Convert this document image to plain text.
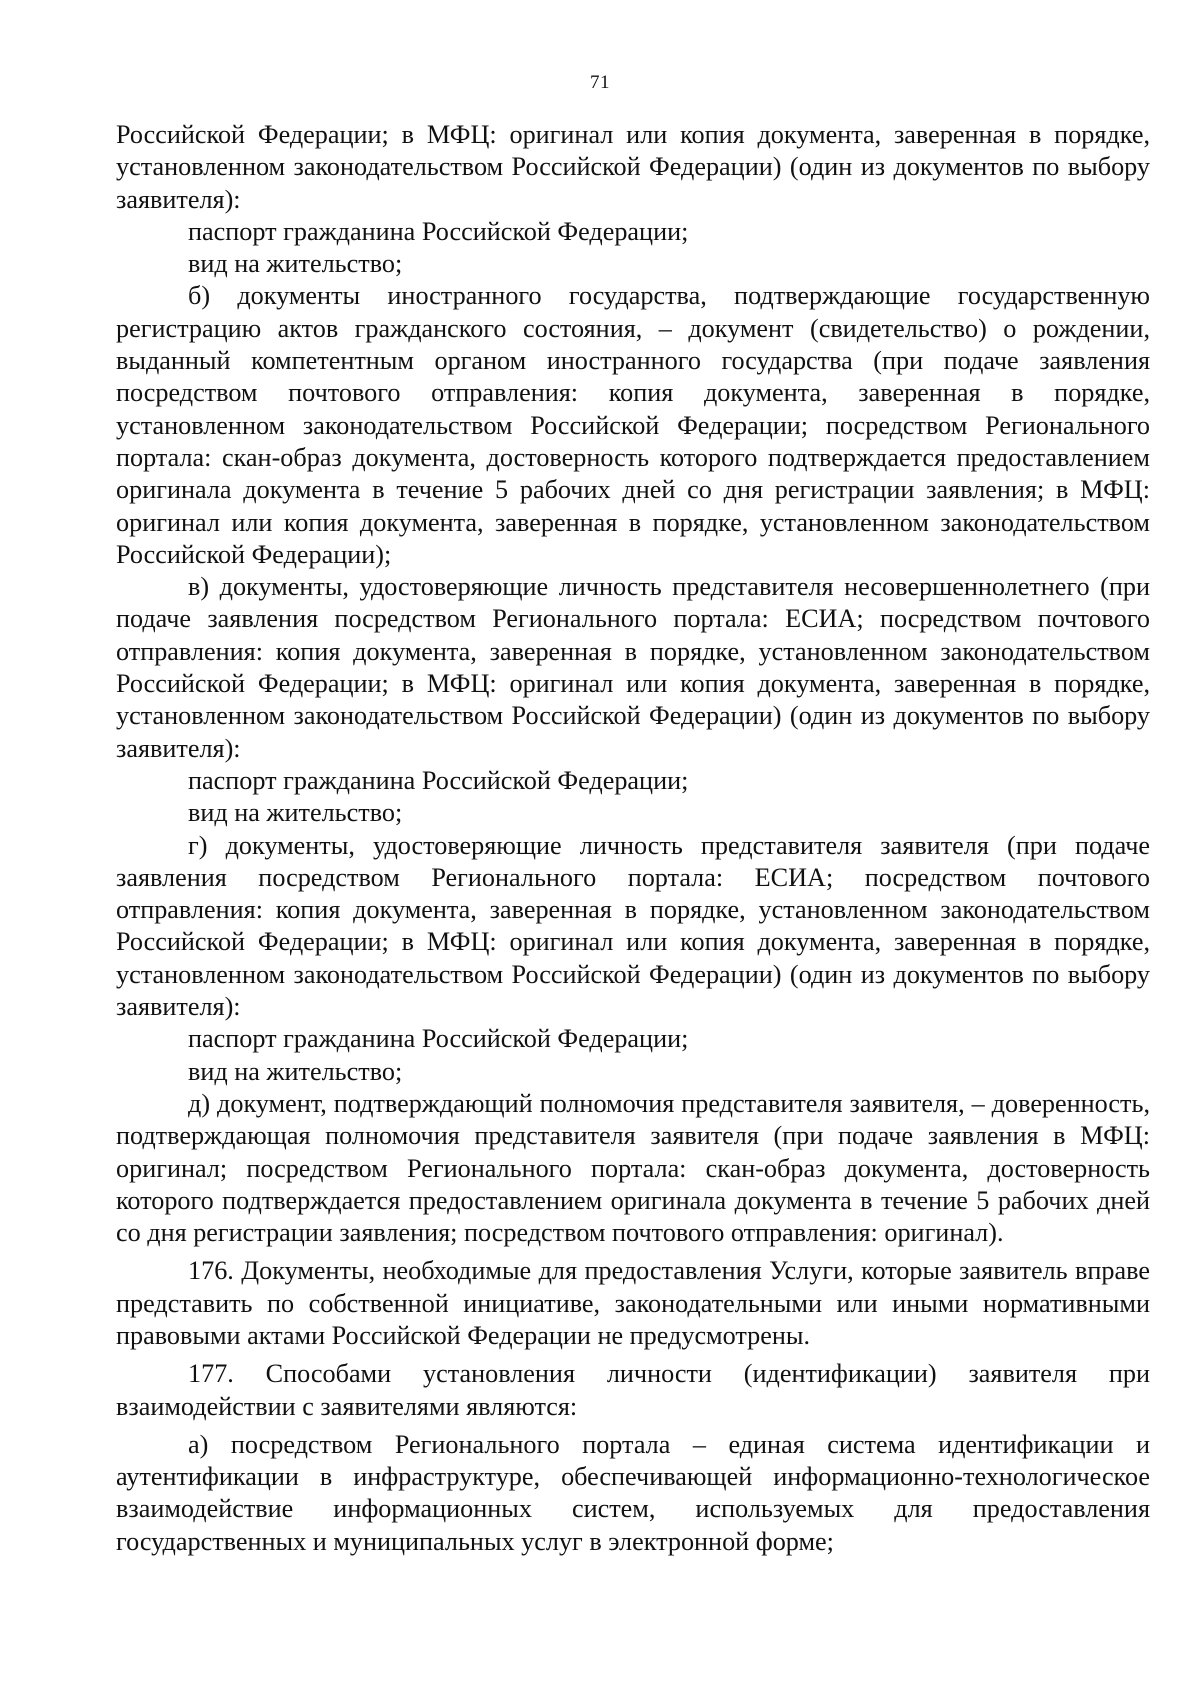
71

Российской Федерации; в МФЦ: оригинал или копия документа, заверенная в порядке, установленном законодательством Российской Федерации) (один из документов по выбору заявителя):

паспорт гражданина Российской Федерации;

вид на жительство;

б) документы иностранного государства, подтверждающие государственную регистрацию актов гражданского состояния, – документ (свидетельство) о рождении, выданный компетентным органом иностранного государства (при подаче заявления посредством почтового отправления: копия документа, заверенная в порядке, установленном законодательством Российской Федерации; посредством Регионального портала: скан-образ документа, достоверность которого подтверждается предоставлением оригинала документа в течение 5 рабочих дней со дня регистрации заявления; в МФЦ: оригинал или копия документа, заверенная в порядке, установленном законодательством Российской Федерации);

в) документы, удостоверяющие личность представителя несовершеннолетнего (при подаче заявления посредством Регионального портала: ЕСИА; посредством почтового отправления: копия документа, заверенная в порядке, установленном законодательством Российской Федерации; в МФЦ: оригинал или копия документа, заверенная в порядке, установленном законодательством Российской Федерации) (один из документов по выбору заявителя):

паспорт гражданина Российской Федерации;

вид на жительство;

г) документы, удостоверяющие личность представителя заявителя (при подаче заявления посредством Регионального портала: ЕСИА; посредством почтового отправления: копия документа, заверенная в порядке, установленном законодательством Российской Федерации; в МФЦ: оригинал или копия документа, заверенная в порядке, установленном законодательством Российской Федерации) (один из документов по выбору заявителя):

паспорт гражданина Российской Федерации;

вид на жительство;

д) документ, подтверждающий полномочия представителя заявителя, – доверенность, подтверждающая полномочия представителя заявителя (при подаче заявления в МФЦ: оригинал; посредством Регионального портала: скан-образ документа, достоверность которого подтверждается предоставлением оригинала документа в течение 5 рабочих дней со дня регистрации заявления; посредством почтового отправления: оригинал).

176. Документы, необходимые для предоставления Услуги, которые заявитель вправе представить по собственной инициативе, законодательными или иными нормативными правовыми актами Российской Федерации не предусмотрены.

177. Способами установления личности (идентификации) заявителя при взаимодействии с заявителями являются:

а) посредством Регионального портала – единая система идентификации и аутентификации в инфраструктуре, обеспечивающей информационно-технологическое взаимодействие информационных систем, используемых для предоставления государственных и муниципальных услуг в электронной форме;
